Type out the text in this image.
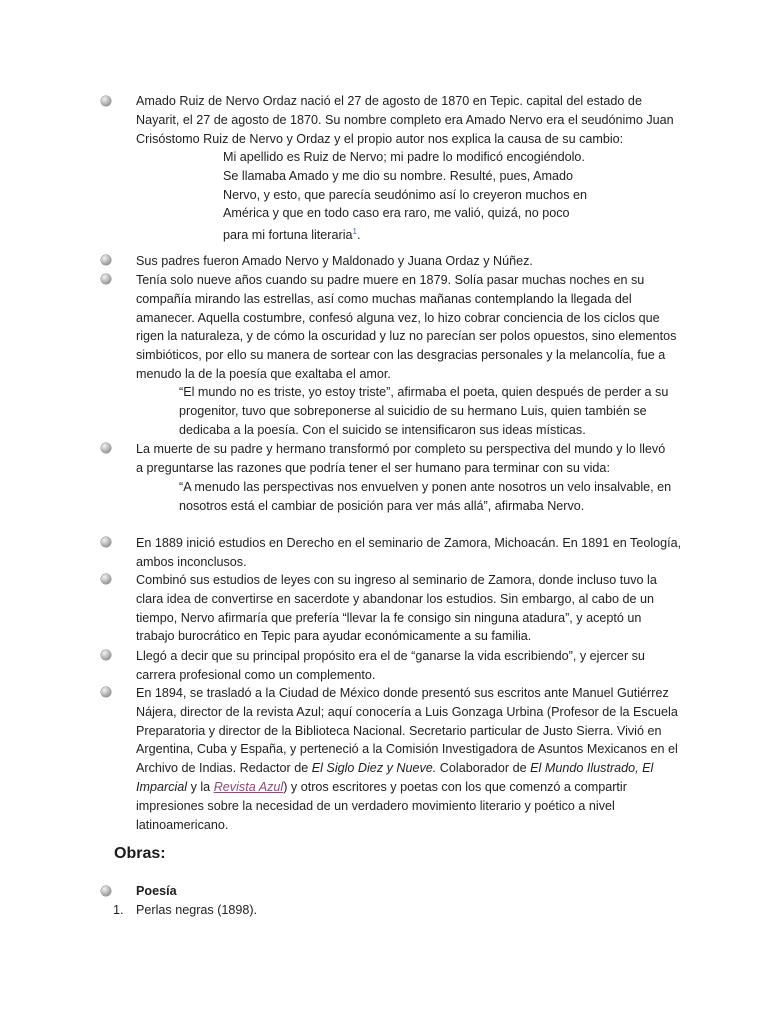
Amado Ruiz de Nervo Ordaz nació el 27 de agosto de 1870 en Tepic. capital del estado de
Nayarit, el 27 de agosto de 1870. Su nombre completo era Amado Nervo era el seudónimo Juan
Crisóstomo Ruiz de Nervo y Ordaz y el propio autor nos explica la causa de su cambio:
Mi apellido es Ruiz de Nervo; mi padre lo modificó encogiéndolo.
Se llamaba Amado y me dio su nombre. Resulté, pues, Amado
Nervo, y esto, que parecía seudónimo así lo creyeron muchos en
América y que en todo caso era raro, me valió, quizá, no poco
para mi fortuna literaria$^1$.
Sus padres fueron Amado Nervo y Maldonado y Juana Ordaz y Núñez.
Tenía solo nueve años cuando su padre muere en 1879. Solía pasar muchas noches en su
compañía mirando las estrellas, así como muchas mañanas contemplando la llegada del
amanecer. Aquella costumbre, confesó alguna vez, lo hizo cobrar conciencia de los ciclos que
rigen la naturaleza, y de cómo la oscuridad y luz no parecían ser polos opuestos, sino elementos
simbióticos, por ello su manera de sortear con las desgracias personales y la melancolía, fue a
menudo la de la poesía que exaltaba el amor.
“El mundo no es triste, yo estoy triste”, afirmaba el poeta, quien después de perder a su
progenitor, tuvo que sobreponerse al suicidio de su hermano Luis, quien también se
dedicaba a la poesía. Con el suicido se intensificaron sus ideas místicas.
La muerte de su padre y hermano transformó por completo su perspectiva del mundo y lo llevó
a preguntarse las razones que podría tener el ser humano para terminar con su vida:
“A menudo las perspectivas nos envuelven y ponen ante nosotros un velo insalvable, en
nosotros está el cambiar de posición para ver más allá”, afirmaba Nervo.
En 1889 inició estudios en Derecho en el seminario de Zamora, Michoacán. En 1891 en Teología,
ambos inconclusos.
Combinó sus estudios de leyes con su ingreso al seminario de Zamora, donde incluso tuvo la
clara idea de convertirse en sacerdote y abandonar los estudios. Sin embargo, al cabo de un
tiempo, Nervo afirmaría que prefería “llevar la fe consigo sin ninguna atadura”, y aceptó un
trabajo burocrático en Tepic para ayudar económicamente a su familia.
Llegó a decir que su principal propósito era el de “ganarse la vida escribiendo”, y ejercer su
carrera profesional como un complemento.
En 1894, se trasladó a la Ciudad de México donde presentó sus escritos ante Manuel Gutiérrez
Nájera, director de la revista Azul; aquí conocería a Luis Gonzaga Urbina (Profesor de la Escuela
Preparatoria y director de la Biblioteca Nacional. Secretario particular de Justo Sierra. Vivió en
Argentina, Cuba y España, y perteneció a la Comisión Investigadora de Asuntos Mexicanos en el
Archivo de Indias. Redactor de El Siglo Diez y Nueve. Colaborador de El Mundo Ilustrado, El
Imparcial y la Revista Azul) y otros escritores y poetas con los que comenzó a compartir
impresiones sobre la necesidad de un verdadero movimiento literario y poético a nivel
latinoamericano.
Obras:
Poesía
1. Perlas negras (1898).
